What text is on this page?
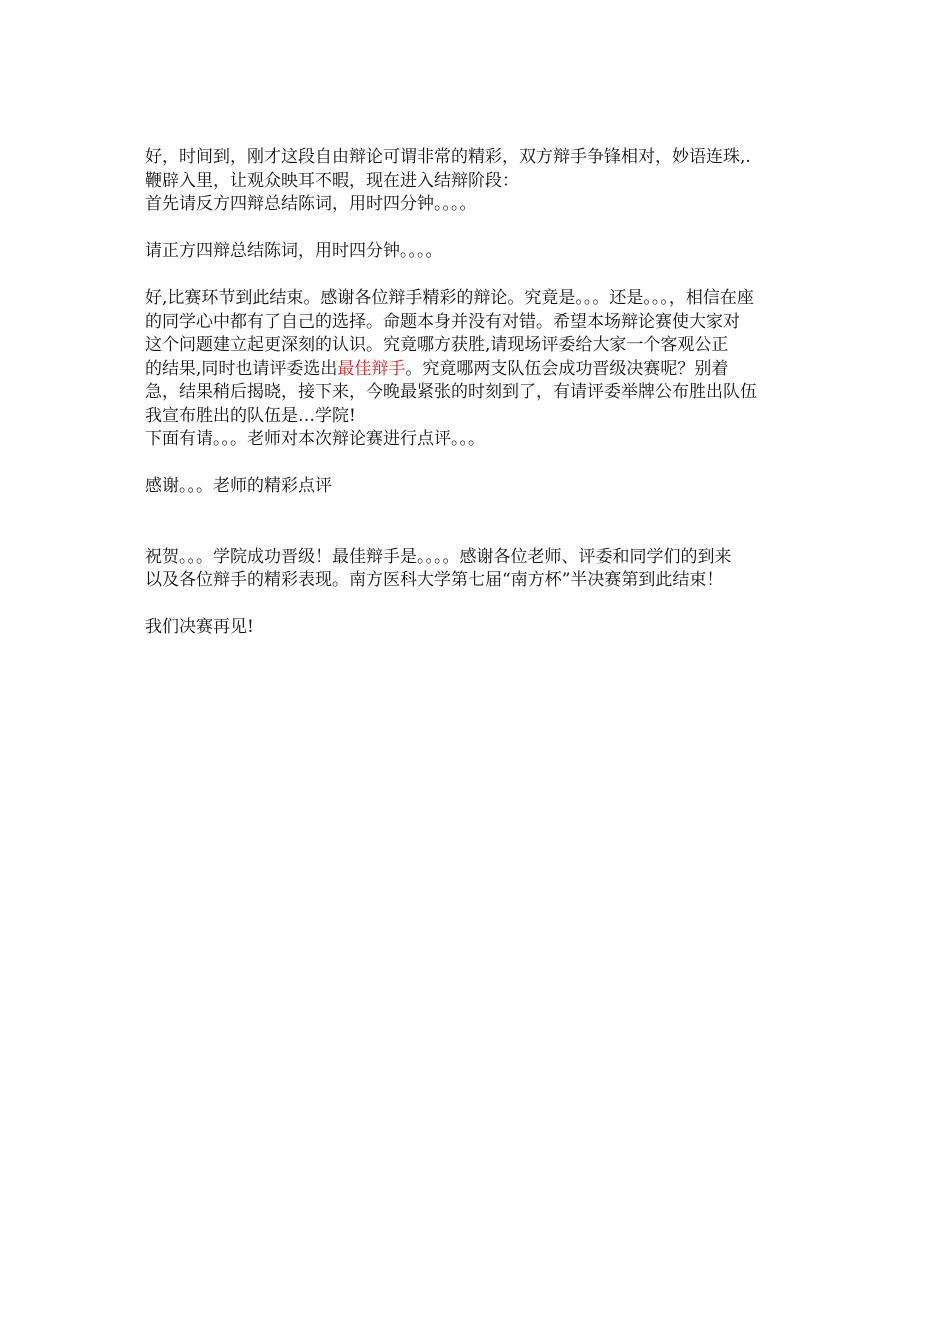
好，时间到，刚才这段自由辩论可谓非常的精彩，双方辩手争锋相对，妙语连珠,.
鞭辟入里，让观众映耳不暇，现在进入结辩阶段：
首先请反方四辩总结陈词，用时四分钟。。。。

请正方四辩总结陈词，用时四分钟。。。。

好,比赛环节到此结束。感谢各位辩手精彩的辩论。究竟是。。。还是。。。，相信在座
的同学心中都有了自己的选择。命题本身并没有对错。希望本场辩论赛使大家对
这个问题建立起更深刻的认识。究竟哪方获胜,请现场评委给大家一个客观公正
的结果,同时也请评委选出最佳辩手。究竟哪两支队伍会成功晋级决赛呢？别着
急，结果稍后揭晓，接下来，今晚最紧张的时刻到了，有请评委举牌公布胜出队伍
我宣布胜出的队伍是…学院!
下面有请。。。老师对本次辩论赛进行点评。。。

感谢。。。老师的精彩点评

祝贺。。。学院成功晋级！最佳辩手是。。。。感谢各位老师、评委和同学们的到来
以及各位辩手的精彩表现。南方医科大学第七届“南方杯”半决赛第到此结束！

我们决赛再见!
